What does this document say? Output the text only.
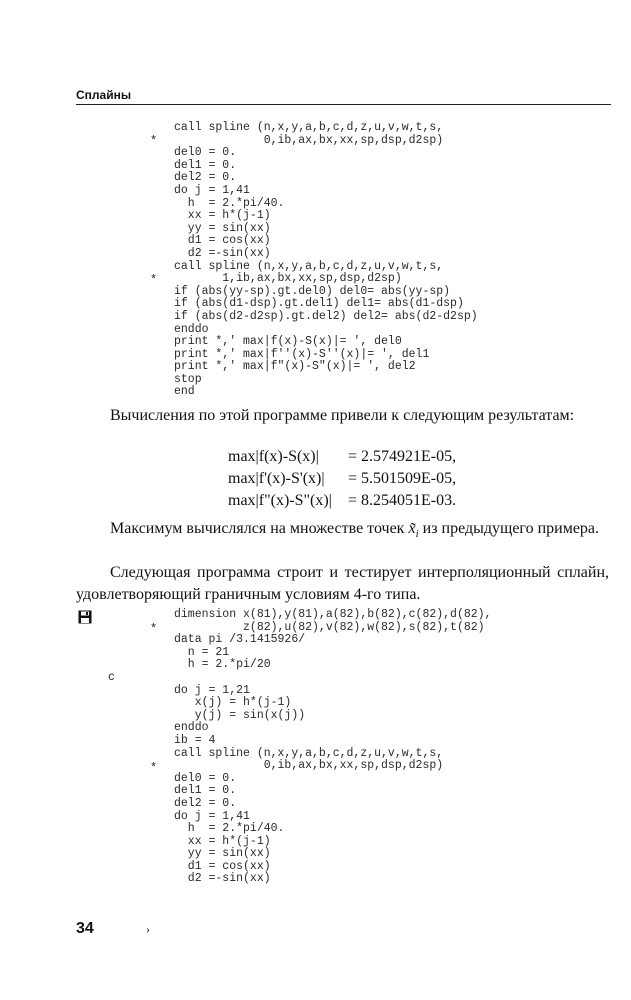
Сплайны
*
*
call spline (n,x,y,a,b,c,d,z,u,v,w,t,s,
0,ib,ax,bx,xx,sp,dsp,d2sp)
del0 = 0.
del1 = 0.
del2 = 0.
do j = 1,41
h  = 2.*pi/40.
xx = h*(j-1)
yy = sin(xx)
d1 = cos(xx)
d2 =-sin(xx)
call spline (n,x,y,a,b,c,d,z,u,v,w,t,s,
1,ib,ax,bx,xx,sp,dsp,d2sp)
if (abs(yy-sp).gt.del0) del0= abs(yy-sp)
if (abs(d1-dsp).gt.del1) del1= abs(d1-dsp)
if (abs(d2-d2sp).gt.del2) del2= abs(d2-d2sp)
enddo
print *,' max|f(x)-S(x)|= ', del0
print *,' max|f''(x)-S''(x)|= ', del1
print *,' max|f"(x)-S"(x)|= ', del2
stop
end
Вычисления по этой программе привели к следующим результатам:
max|f(x)-S(x)|	= 2.574921E-05,
max|f'(x)-S'(x)|	= 5.501509E-05,
max|f"(x)-S"(x)|	= 8.254051E-03.
Максимум вычислялся на множестве точек $x̃_i$ из предыдущего примера.
Следующая программа строит и тестирует интерполяционный сплайн, удовлетворяющий граничным условиям 4-го типа.
*
*
c
dimension x(81),y(81),a(82),b(82),c(82),d(82),
z(82),u(82),v(82),w(82),s(82),t(82)
data pi /3.1415926/
n = 21
h = 2.*pi/20
do j = 1,21
x(j) = h*(j-1)
y(j) = sin(x(j))
enddo
ib = 4
call spline (n,x,y,a,b,c,d,z,u,v,w,t,s,
0,ib,ax,bx,xx,sp,dsp,d2sp)
del0 = 0.
del1 = 0.
del2 = 0.
do j = 1,41
h  = 2.*pi/40.
xx = h*(j-1)
yy = sin(xx)
d1 = cos(xx)
d2 =-sin(xx)
34	›
